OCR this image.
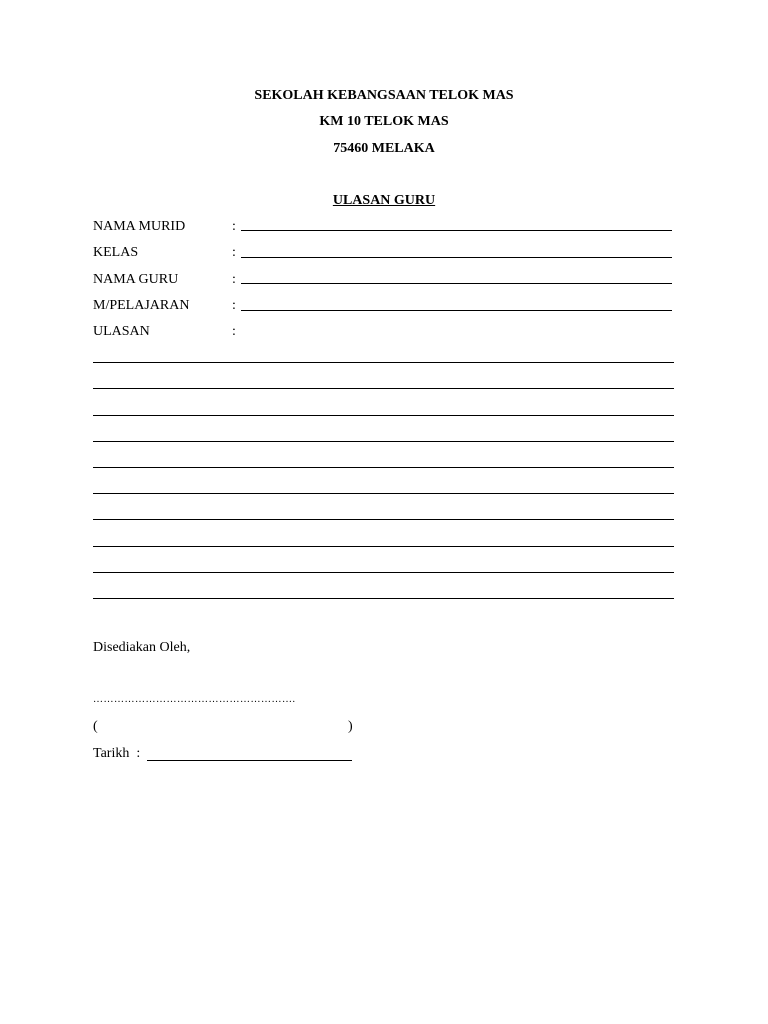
SEKOLAH KEBANGSAAN TELOK MAS
KM 10 TELOK MAS
75460 MELAKA
ULASAN GURU
NAMA MURID	:
KELAS	:
NAMA GURU	:
M/PELAJARAN	:
ULASAN	:
Disediakan Oleh,
………………………………………………….
(	)
Tarikh  :
